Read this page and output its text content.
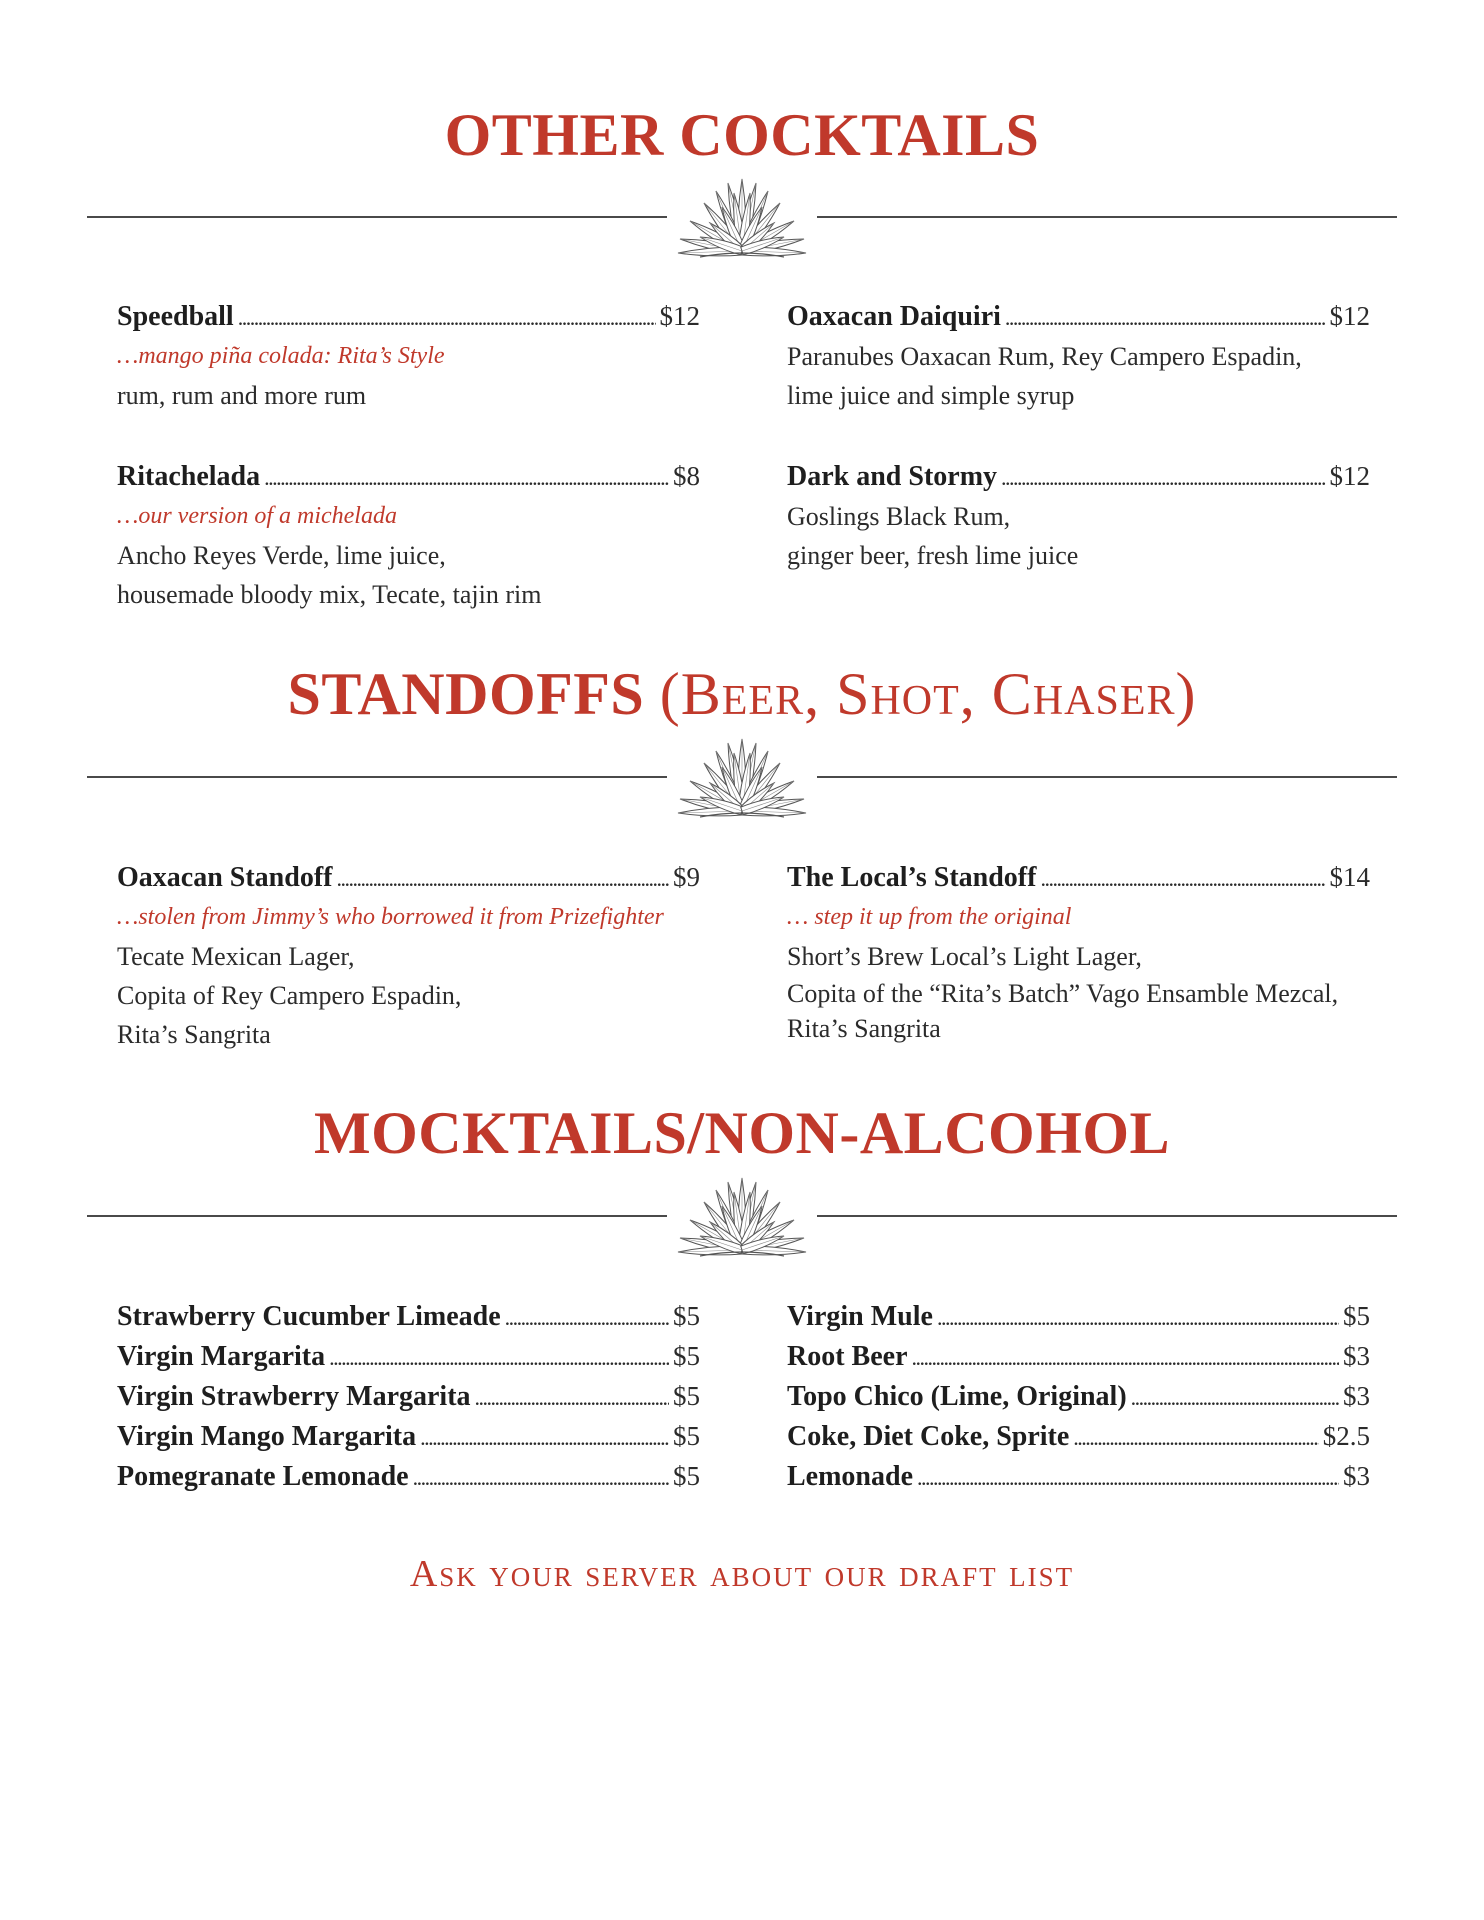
OTHER COCKTAILS
Speedball . . .	$12
…mango piña colada: Rita’s Style
rum, rum and more rum
Oaxacan Daiquiri . . .	$12
Paranubes Oaxacan Rum, Rey Campero Espadin,
lime juice and simple syrup
Ritachelada . . .	$8
…our version of a michelada
Ancho Reyes Verde, lime juice,
housemade bloody mix, Tecate, tajin rim
Dark and Stormy . . .	$12
Goslings Black Rum,
ginger beer, fresh lime juice
STANDOFFS (Beer, Shot, Chaser)
Oaxacan Standoff . . .	$9
…stolen from Jimmy’s who borrowed it from Prizefighter
Tecate Mexican Lager,
Copita of Rey Campero Espadin,
Rita’s Sangrita
The Local’s Standoff . . .	$14
… step it up from the original
Short’s Brew Local’s Light Lager,
Copita of the “Rita’s Batch” Vago Ensamble Mezcal,
Rita’s Sangrita
MOCKTAILS/NON-ALCOHOL
Strawberry Cucumber Limeade . . .	$5
Virgin Margarita . . .	$5
Virgin Strawberry Margarita . . .	$5
Virgin Mango Margarita . . .	$5
Pomegranate Lemonade . . .	$5
Virgin Mule . . .	$5
Root Beer . . .	$3
Topo Chico (Lime, Original) . . .	$3
Coke, Diet Coke, Sprite . . .	$2.5
Lemonade . . .	$3
Ask your server about our draft list
